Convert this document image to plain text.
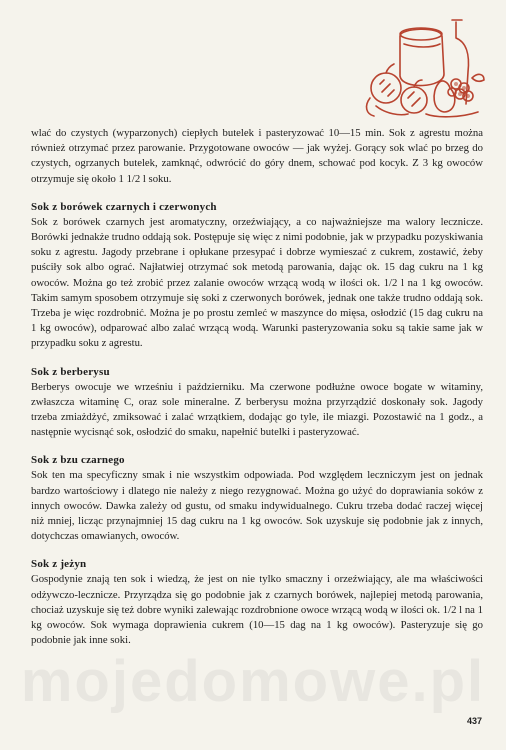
wlać do czystych (wyparzonych) ciepłych butelek i pasteryzować 10—15 min. Sok z agrestu można również otrzymać przez parowanie. Przygotowane owoców — jak wyżej. Gorący sok wlać po brzeg do czystych, ogrzanych butelek, zamknąć, odwrócić do góry dnem, schować pod kocyk. Z 3 kg owoców otrzymuje się około 1 1/2 l soku.

Sok z borówek czarnych i czerwonych

Sok z borówek czarnych jest aromatyczny, orzeźwiający, a co najważniejsze ma walory lecznicze. Borówki jednakże trudno oddają sok. Postępuje się więc z nimi podobnie, jak w przypadku pozyskiwania soku z agrestu. Jagody przebrane i opłukane przesypać i dobrze wymieszać z cukrem, zostawić, żeby puściły sok albo ograć. Najłatwiej otrzymać sok metodą parowania, dając ok. 15 dag cukru na 1 kg owoców. Można go też zrobić przez zalanie owoców wrzącą wodą w ilości ok. 1/2 l na 1 kg owoców. Takim samym sposobem otrzymuje się soki z czerwonych borówek, jednak one także trudno oddają sok. Trzeba je więc rozdrobnić. Można je po prostu zemleć w maszynce do mięsa, osłodzić (15 dag cukru na 1 kg owoców), odparować albo zalać wrzącą wodą. Warunki pasteryzowania soku są takie same jak w przypadku soku z agrestu.

Sok z berberysu

Berberys owocuje we wrześniu i październiku. Ma czerwone podłużne owoce bogate w witaminy, zwłaszcza witaminę C, oraz sole mineralne. Z berberysu można przyrządzić doskonały sok. Jagody trzeba zmiażdżyć, zmiksować i zalać wrzątkiem, dodając go tyle, ile miazgi. Pozostawić na 1 godz., a następnie wycisnąć sok, osłodzić do smaku, napełnić butelki i pasteryzować.

Sok z bzu czarnego

Sok ten ma specyficzny smak i nie wszystkim odpowiada. Pod względem leczniczym jest on jednak bardzo wartościowy i dlatego nie należy z niego rezygnować. Można go użyć do doprawiania soków z innych owoców. Dawka zależy od gustu, od smaku indywidualnego. Cukru trzeba dodać raczej więcej niż mniej, licząc przynajmniej 15 dag cukru na 1 kg owoców. Sok uzyskuje się podobnie jak z innych, dotychczas omawianych, owoców.

Sok z jeżyn

Gospodynie znają ten sok i wiedzą, że jest on nie tylko smaczny i orzeźwiający, ale ma właściwości odżywczo-lecznicze. Przyrządza się go podobnie jak z czarnych borówek, najlepiej metodą parowania, chociaż uzyskuje się też dobre wyniki zalewając rozdrobnione owoce wrzącą wodą w ilości ok. 1/2 l na 1 kg owoców. Sok wymaga doprawienia cukrem (10—15 dag na 1 kg owoców). Pasteryzuje się go podobnie jak inne soki.

mojedomowe.pl
437
